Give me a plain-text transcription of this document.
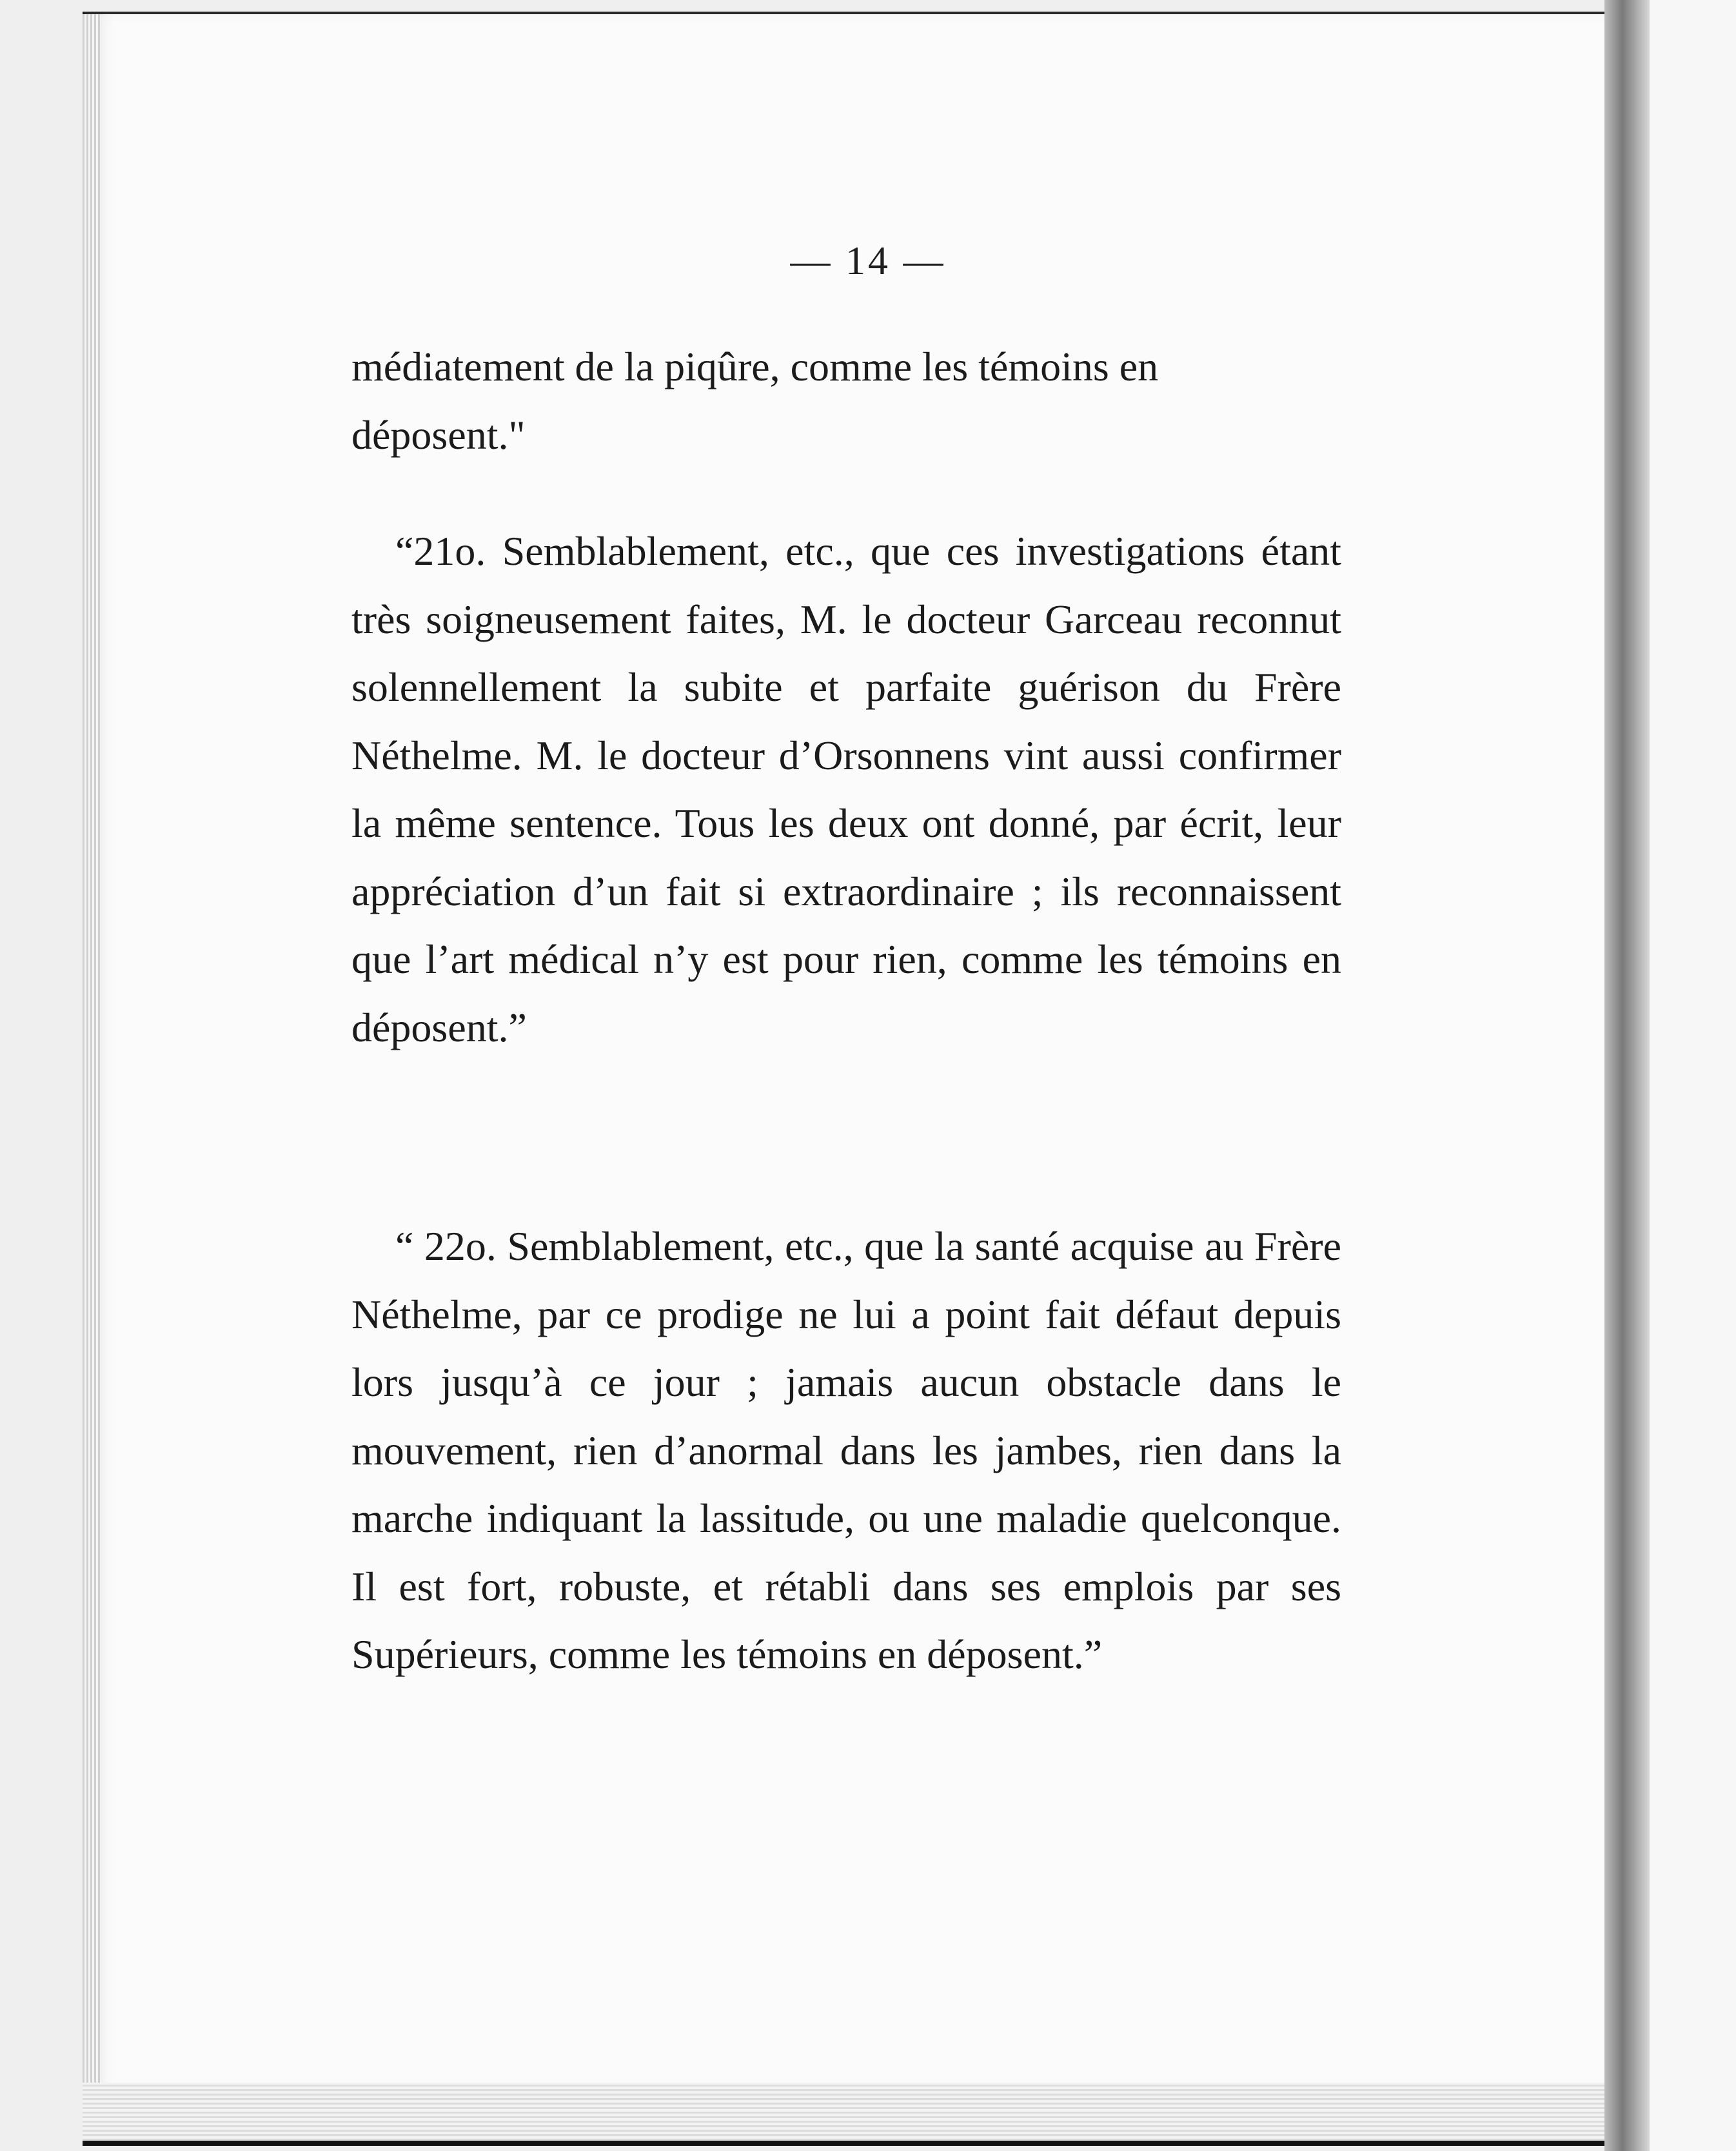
— 14 —

médiatement de la piqûre, comme les témoins en déposent."

“21o. Semblablement, etc., que ces investigations étant très soigneusement faites, M. le docteur Garceau reconnut solennellement la subite et parfaite guérison du Frère Néthelme. M. le docteur d’Orsonnens vint aussi confirmer la même sentence. Tous les deux ont donné, par écrit, leur appréciation d’un fait si extraordinaire ; ils reconnaissent que l’art médical n’y est pour rien, comme les témoins en déposent.”

“ 22o. Semblablement, etc., que la santé acquise au Frère Néthelme, par ce prodige ne lui a point fait défaut depuis lors jusqu’à ce jour ; jamais aucun obstacle dans le mouvement, rien d’anormal dans les jambes, rien dans la marche indiquant la lassitude, ou une maladie quelconque. Il est fort, robuste, et rétabli dans ses emplois par ses Supérieurs, comme les témoins en déposent.”
